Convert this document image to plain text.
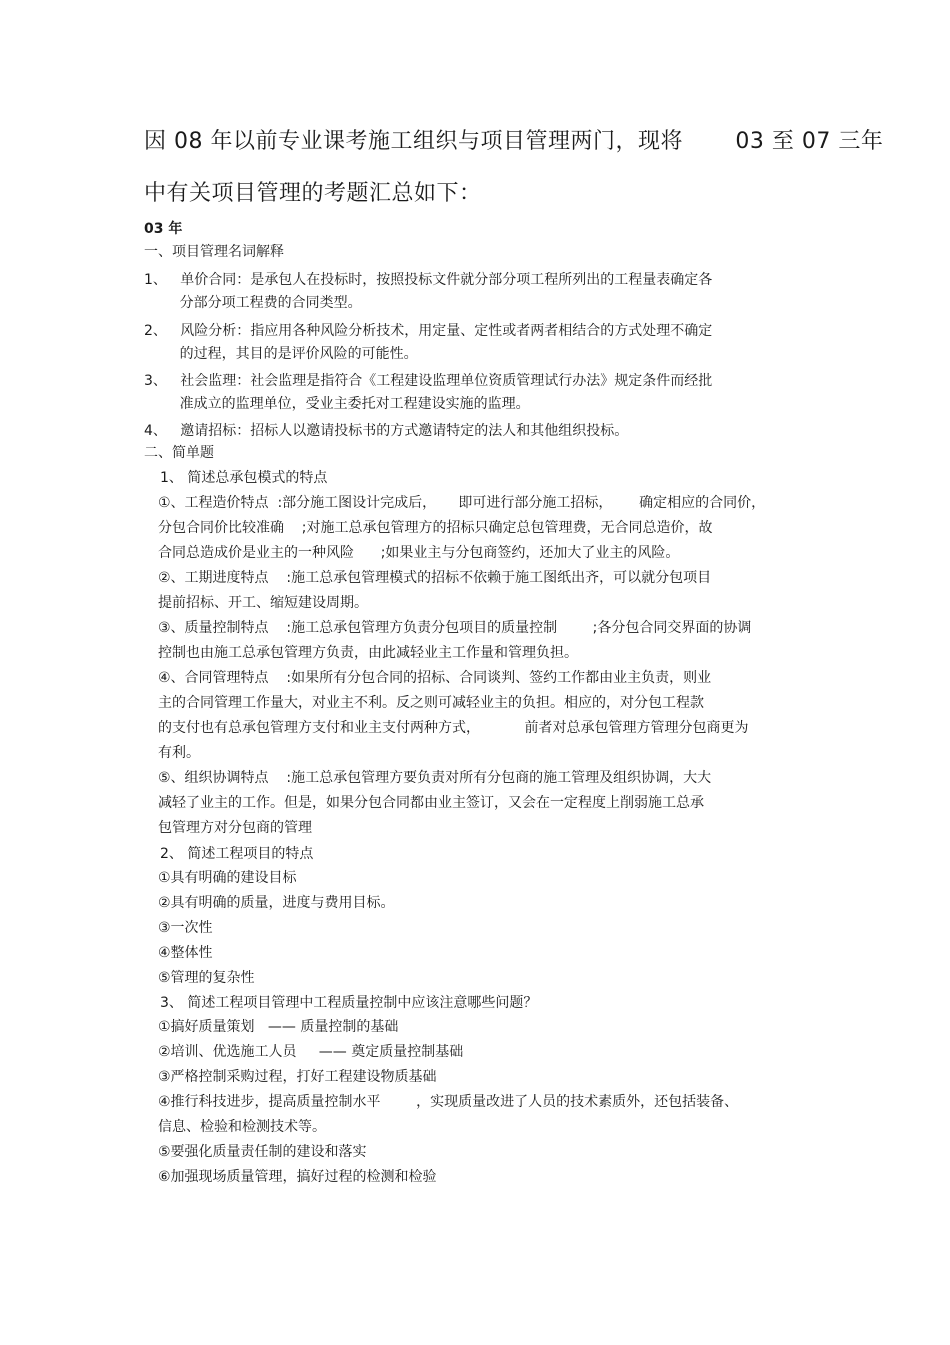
因 08 年以前专业课考施工组织与项目管理两门，现将       03 至 07 三年
中有关项目管理的考题汇总如下：
03 年
一、项目管理名词解释
1、   单价合同：是承包人在投标时，按照投标文件就分部分项工程所列出的工程量表确定各
分部分项工程费的合同类型。
2、   风险分析：指应用各种风险分析技术，用定量、定性或者两者相结合的方式处理不确定
的过程，其目的是评价风险的可能性。
3、   社会监理：社会监理是指符合《工程建设监理单位资质管理试行办法》规定条件而经批
准成立的监理单位，受业主委托对工程建设实施的监理。
4、   邀请招标：招标人以邀请投标书的方式邀请特定的法人和其他组织投标。
二、简单题
1、 简述总承包模式的特点
①、工程造价特点  :部分施工图设计完成后，     即可进行部分施工招标，      确定相应的合同价，
分包合同价比较准确    ;对施工总承包管理方的招标只确定总包管理费，无合同总造价，故
合同总造成价是业主的一种风险      ;如果业主与分包商签约，还加大了业主的风险。
②、工期进度特点    :施工总承包管理模式的招标不依赖于施工图纸出齐，可以就分包项目
提前招标、开工、缩短建设周期。
③、质量控制特点    :施工总承包管理方负责分包项目的质量控制        ;各分包合同交界面的协调
控制也由施工总承包管理方负责，由此减轻业主工作量和管理负担。
④、合同管理特点    :如果所有分包合同的招标、合同谈判、签约工作都由业主负责，则业
主的合同管理工作量大，对业主不利。反之则可减轻业主的负担。相应的，对分包工程款
的支付也有总承包管理方支付和业主支付两种方式，          前者对总承包管理方管理分包商更为
有利。
⑤、组织协调特点    :施工总承包管理方要负责对所有分包商的施工管理及组织协调，大大
减轻了业主的工作。但是，如果分包合同都由业主签订，又会在一定程度上削弱施工总承
包管理方对分包商的管理
2、 简述工程项目的特点
①具有明确的建设目标
②具有明确的质量，进度与费用目标。
③一次性
④整体性
⑤管理的复杂性
3、 简述工程项目管理中工程质量控制中应该注意哪些问题？
①搞好质量策划   —— 质量控制的基础
②培训、优选施工人员     —— 奠定质量控制基础
③严格控制采购过程，打好工程建设物质基础
④推行科技进步，提高质量控制水平        ，实现质量改进了人员的技术素质外，还包括装备、
信息、检验和检测技术等。
⑤要强化质量责任制的建设和落实
⑥加强现场质量管理，搞好过程的检测和检验
